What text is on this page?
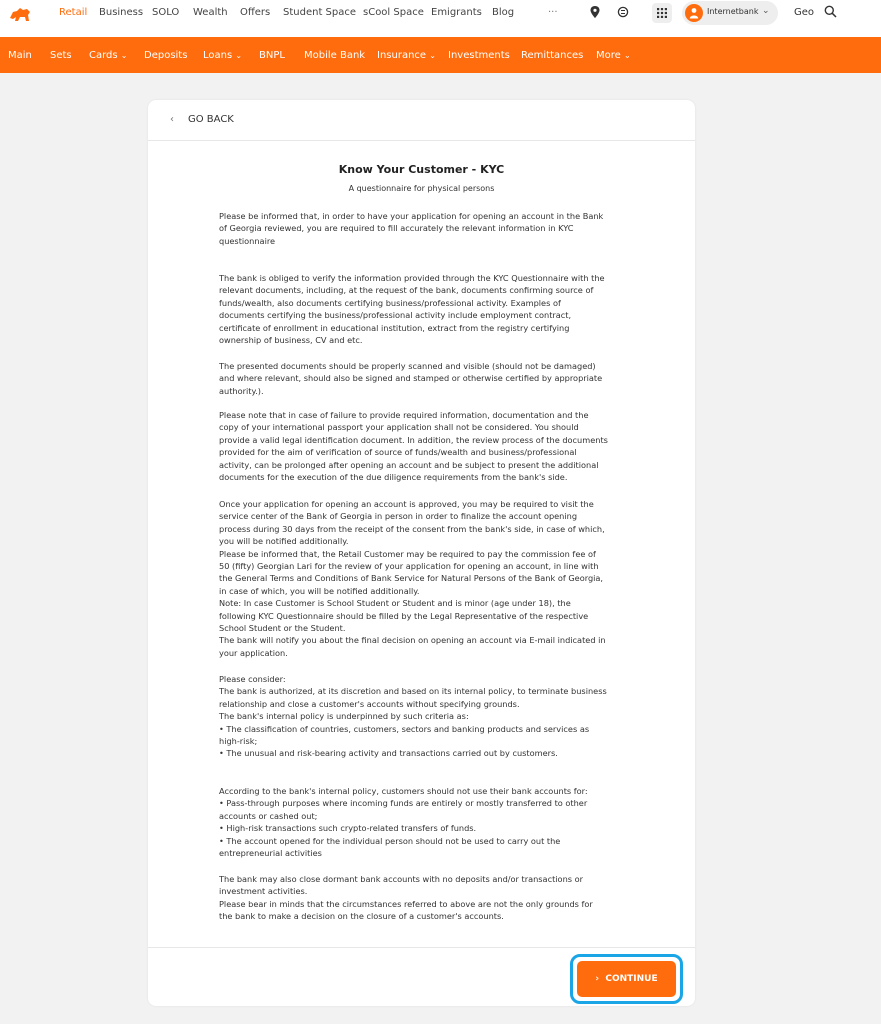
Retail Business SOLO Wealth Offers Student Space sCool Space Emigrants Blog	···	Internetbank ⌄ Geo
Main Sets Cards ⌄ Deposits Loans ⌄ BNPL Mobile Bank Insurance ⌄ Investments Remittances More ⌄
‹ GO BACK
Know Your Customer - KYC
A questionnaire for physical persons

Please be informed that, in order to have your application for opening an account in the Bank

of Georgia reviewed, you are required to fill accurately the relevant information in KYC

questionnaire

The bank is obliged to verify the information provided through the KYC Questionnaire with the

relevant documents, including, at the request of the bank, documents confirming source of

funds/wealth, also documents certifying business/professional activity. Examples of

documents certifying the business/professional activity include employment contract,

certificate of enrollment in educational institution, extract from the registry certifying

ownership of business, CV and etc.

The presented documents should be properly scanned and visible (should not be damaged)

and where relevant, should also be signed and stamped or otherwise certified by appropriate

authority.).

Please note that in case of failure to provide required information, documentation and the

copy of your international passport your application shall not be considered. You should

provide a valid legal identification document. In addition, the review process of the documents

provided for the aim of verification of source of funds/wealth and business/professional

activity, can be prolonged after opening an account and be subject to present the additional

documents for the execution of the due diligence requirements from the bank's side.

Once your application for opening an account is approved, you may be required to visit the

service center of the Bank of Georgia in person in order to finalize the account opening

process during 30 days from the receipt of the consent from the bank's side, in case of which,

you will be notified additionally.

Please be informed that, the Retail Customer may be required to pay the commission fee of

50 (fifty) Georgian Lari for the review of your application for opening an account, in line with

the General Terms and Conditions of Bank Service for Natural Persons of the Bank of Georgia,

in case of which, you will be notified additionally.

Note: In case Customer is School Student or Student and is minor (age under 18), the

following KYC Questionnaire should be filled by the Legal Representative of the respective

School Student or the Student.

The bank will notify you about the final decision on opening an account via E-mail indicated in

your application.

Please consider:

The bank is authorized, at its discretion and based on its internal policy, to terminate business

relationship and close a customer's accounts without specifying grounds.

The bank's internal policy is underpinned by such criteria as:

• The classification of countries, customers, sectors and banking products and services as

high-risk;

• The unusual and risk-bearing activity and transactions carried out by customers.

According to the bank's internal policy, customers should not use their bank accounts for:

• Pass-through purposes where incoming funds are entirely or mostly transferred to other

accounts or cashed out;

• High-risk transactions such crypto-related transfers of funds.

• The account opened for the individual person should not be used to carry out the

entrepreneurial activities

The bank may also close dormant bank accounts with no deposits and/or transactions or

investment activities.

Please bear in minds that the circumstances referred to above are not the only grounds for

the bank to make a decision on the closure of a customer's accounts.

› CONTINUE
